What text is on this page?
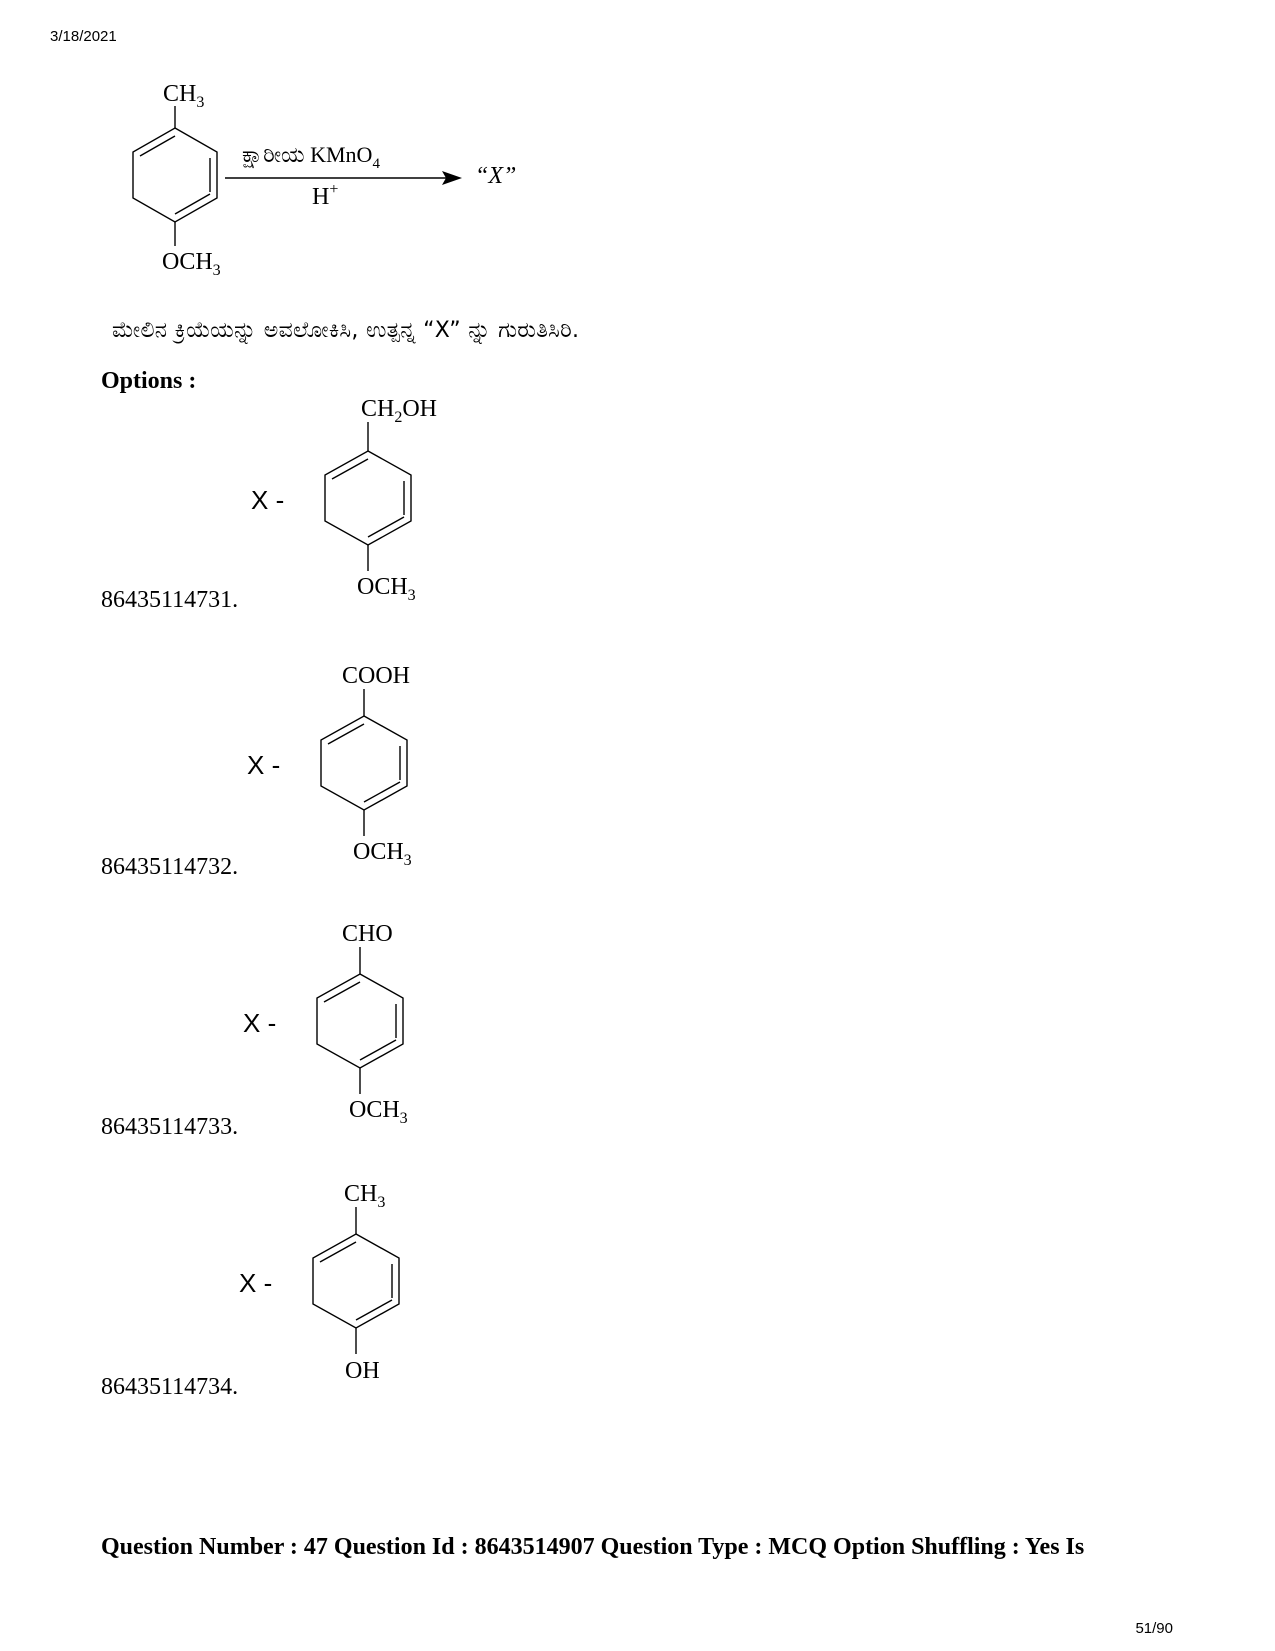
3/18/2021
$CH_3$
$OCH_3$
ಕ್ಷಾರೀಯ KMnO$_4$
H+
“X”
ಮೇಲಿನ ಕ್ರಿಯೆಯನ್ನು ಅವಲೋಕಿಸಿ, ಉತ್ಪನ್ನ “X” ನ್ನು ಗುರುತಿಸಿರಿ.
Options :
X -
$CH_2OH$
$OCH_3$
86435114731.
X -
COOH
$OCH_3$
86435114732.
X -
CHO
$OCH_3$
86435114733.
X -
$CH_3$
OH
86435114734.
Question Number : 47 Question Id : 8643514907 Question Type : MCQ Option Shuffling : Yes Is
51/90
